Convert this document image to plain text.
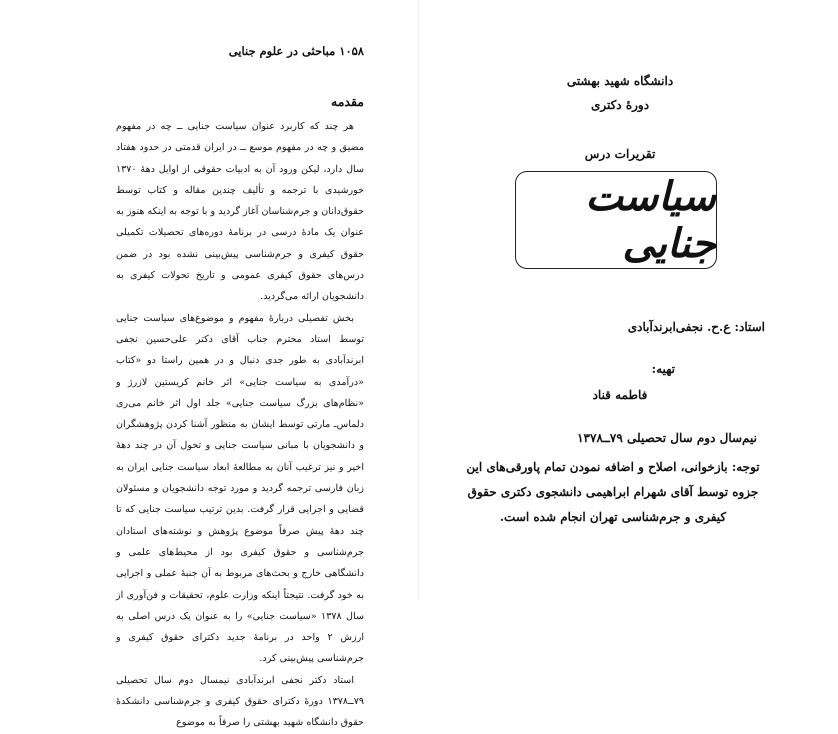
۱۰۵۸ مباحثی در علوم جنایی
مقدمه

هر چند که کاربرد عنوان سیاست جنایی ــ چه در مفهوم مضیق و چه در مفهوم موسع ــ در ایران قدمتی در حدود هفتاد سال دارد، لیکن ورود آن به ادبیات حقوقی از اوایل دهۀ ۱۳۷۰ خورشیدی با ترجمه و تألیف چندین مقاله و کتاب توسط حقوق‌دانان و جرم‌شناسان آغاز گردید و با توجه به اینکه هنوز به عنوان یک مادۀ درسی در برنامۀ دوره‌های تحصیلات تکمیلی حقوق کیفری و جرم‌شناسی پیش‌بینی نشده بود در ضمن درس‌های حقوق کیفری عمومی و تاریخ تحولات کیفری به دانشجویان ارائه می‌گردید.

بخش تفصیلی دربارۀ مفهوم و موضوع‌های سیاست جنایی توسط استاد محترم جناب آقای دکتر علی‌حسین نجفی ابرندآبادی به طور جدی دنبال و در همین راستا دو «کتاب «درآمدی به سیاست جنایی» اثر خانم کریستین لازرژ و «نظام‌های بزرگ سیاست جنایی» جلد اول اثر خانم می‌ری دلماس‌ـ مارتی توسط ایشان به منظور آشنا کردن پژوهشگران و دانشجویان با مبانی سیاست جنایی و تحول آن در چند دهۀ اخیر و نیز ترغیب آنان به مطالعۀ ابعاد سیاست جنایی ایران به زبان فارسی ترجمه گردید و مورد توجه دانشجویان و مسئولان قضایی و اجرایی قرار گرفت. بدین ترتیب سیاست جنایی که تا چند دهۀ پیش صرفاً موضوع پژوهش و نوشته‌های استادان جرم‌شناسی و حقوق کیفری بود از محیط‌های علمی و دانشگاهی خارج و بحث‌های مربوط به آن جنبۀ عملی و اجرایی به خود گرفت. نتیجتاً اینکه وزارت علوم، تحقیقات و فن‌آوری از سال ۱۳۷۸ «سیاست جنایی» را به عنوان یک درس اصلی به ارزش ۲ واحد در برنامۀ جدید دکترای حقوق کیفری و جرم‌شناسی پیش‌بینی کرد.

استاد دکتر نجفی ابرندآبادی نیمسال دوم سال تحصیلی ۷۹ــ۱۳۷۸ دورۀ دکترای حقوق کیفری و جرم‌شناسی دانشکدۀ حقوق دانشگاه شهید بهشتی را صرفاً به موضوع

دانشگاه شهید بهشتی
دورۀ دکتری
تقریرات درس
سیاست جنایی
استاد: ع.ح. نجفی‌ابرندآبادی
تهیه:
فاطمه قناد
نیم‌سال دوم سال تحصیلی ۷۹ــ۱۳۷۸
توجه: بازخوانی، اصلاح و اضافه نمودن تمام پاورقی‌های این جزوه توسط آقای شهرام ابراهیمی دانشجوی دکتری حقوق کیفری و جرم‌شناسی تهران انجام شده است.
